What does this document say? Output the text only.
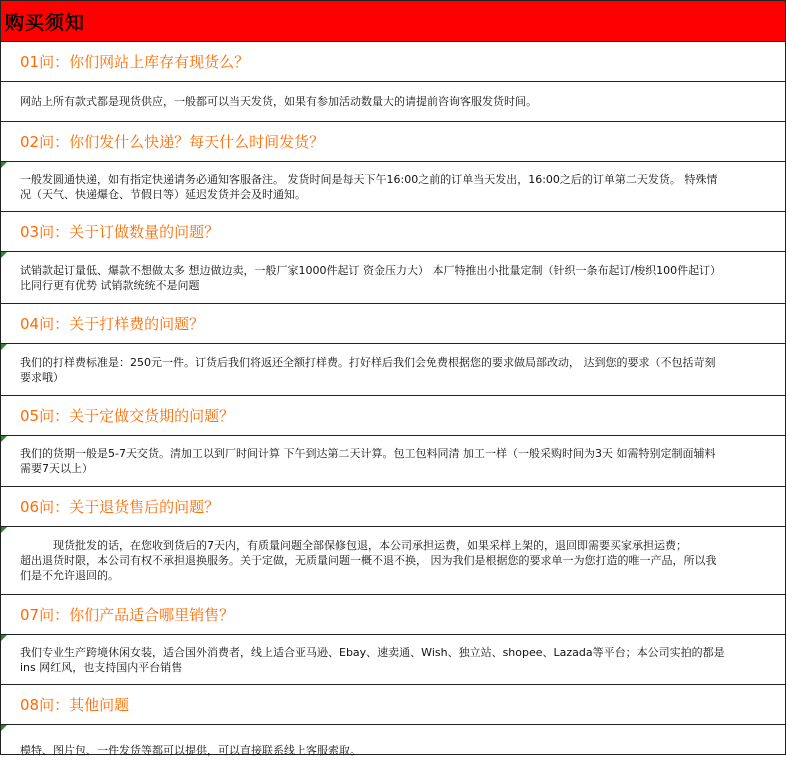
购买须知
01问：你们网站上库存有现货么？

网站上所有款式都是现货供应，一般都可以当天发货，如果有参加活动数量大的请提前咨询客服发货时间。

02问：你们发什么快递？每天什么时间发货？

一般发圆通快递，如有指定快递请务必通知客服备注。 发货时间是每天下午16:00之前的订单当天发出，16:00之后的订单第二天发货。 特殊情

况（天气、快递爆仓、节假日等）延迟发货并会及时通知。

03问：关于订做数量的问题？

试销款起订量低、爆款不想做太多 想边做边卖，一般厂家1000件起订 资金压力大） 本厂特推出小批量定制（针织一条布起订/梭织100件起订）

比同行更有优势 试销款统统不是问题

04问：关于打样费的问题？

我们的打样费标准是：250元一件。订货后我们将返还全额打样费。打好样后我们会免费根据您的要求做局部改动， 达到您的要求（不包括苛刻

要求哦）

05问：关于定做交货期的问题？

我们的货期一般是5-7天交货。清加工以到厂时间计算 下午到达第二天计算。包工包料同清 加工一样（一般采购时间为3天 如需特别定制面辅料

需要7天以上）

06问：关于退货售后的问题？

　　　现货批发的话，在您收到货后的7天内，有质量问题全部保修包退，本公司承担运费，如果采样上架的，退回即需要买家承担运费；

超出退货时限，本公司有权不承担退换服务。关于定做，无质量问题一概不退不换， 因为我们是根据您的要求单一为您打造的唯一产品，所以我

们是不允许退回的。

07问：你们产品适合哪里销售？

我们专业生产跨境休闲女装，适合国外消费者，线上适合亚马逊、Ebay、速卖通、Wish、独立站、shopee、Lazada等平台；本公司实拍的都是

ins 网红风，也支持国内平台销售

08问：其他问题

模特、图片包、一件发货等都可以提供，可以直接联系线上客服索取。
